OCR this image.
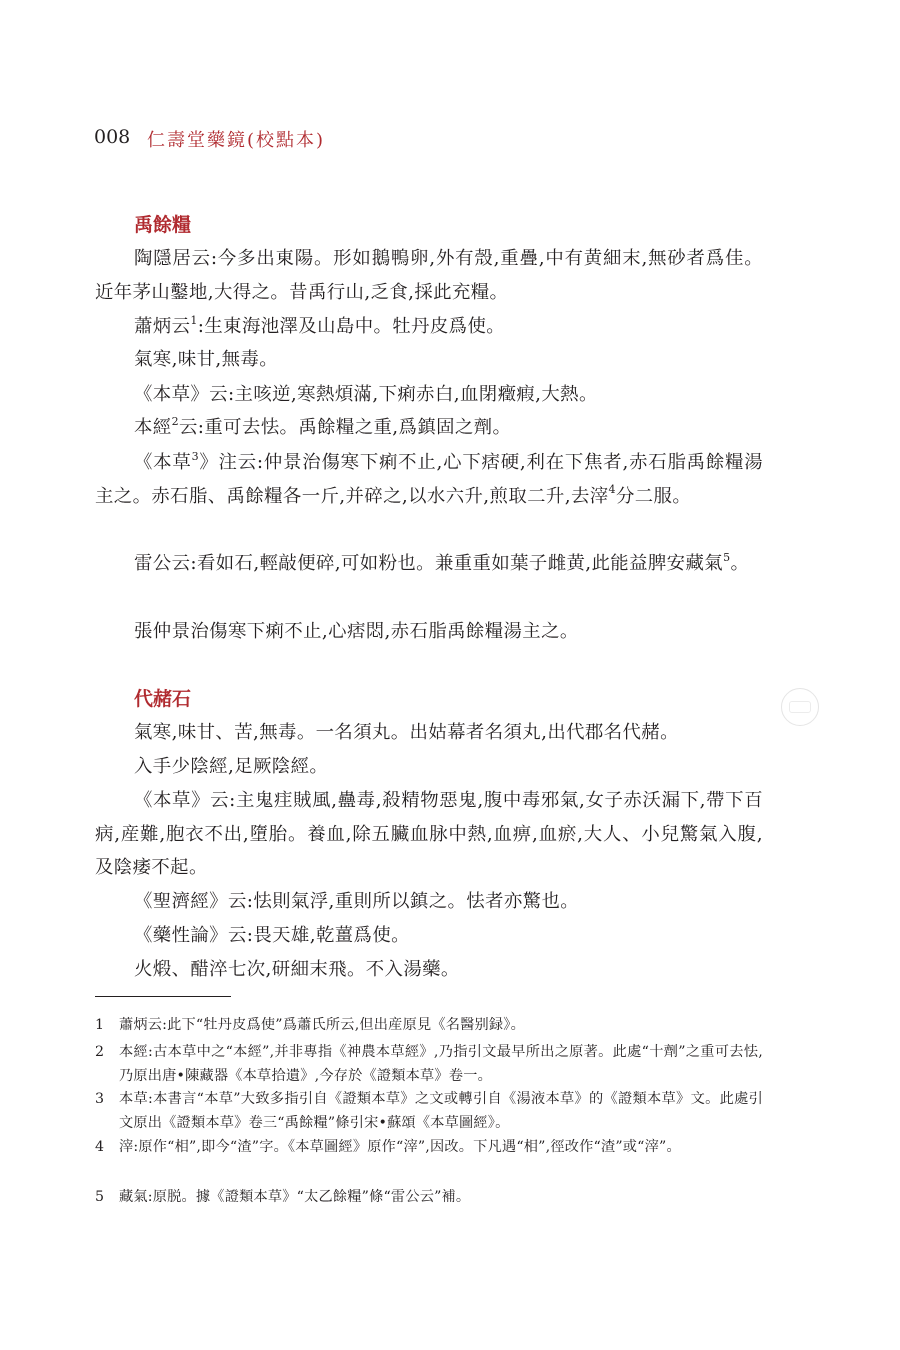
008 仁壽堂藥鏡(校點本)
禹餘糧

陶隱居云:今多出東陽。形如鵝鴨卵,外有殼,重疊,中有黄細末,無砂者爲佳。近年茅山鑿地,大得之。昔禹行山,乏食,採此充糧。

蕭炳云$^1$:生東海池澤及山島中。牡丹皮爲使。

氣寒,味甘,無毒。

《本草》云:主咳逆,寒熱煩滿,下痢赤白,血閉癥瘕,大熱。

本經$^2$云:重可去怯。禹餘糧之重,爲鎮固之劑。

《本草$^3$》注云:仲景治傷寒下痢不止,心下痞硬,利在下焦者,赤石脂禹餘糧湯主之。赤石脂、禹餘糧各一斤,并碎之,以水六升,煎取二升,去滓$^4$分二服。

雷公云:看如石,輕敲便碎,可如粉也。兼重重如葉子雌黄,此能益脾安藏氣$^5$。

張仲景治傷寒下痢不止,心痞悶,赤石脂禹餘糧湯主之。

代赭石

氣寒,味甘、苦,無毒。一名須丸。出姑幕者名須丸,出代郡名代赭。

入手少陰經,足厥陰經。

《本草》云:主鬼疰賊風,蠱毒,殺精物惡鬼,腹中毒邪氣,女子赤沃漏下,帶下百病,産難,胞衣不出,墮胎。養血,除五臟血脉中熱,血痹,血瘀,大人、小兒驚氣入腹,及陰痿不起。

《聖濟經》云:怯則氣浮,重則所以鎮之。怯者亦驚也。

《藥性論》云:畏天雄,乾薑爲使。

火煅、醋淬七次,研細末飛。不入湯藥。

1 蕭炳云:此下“牡丹皮爲使”爲蕭氏所云,但出産原見《名醫别録》。

2 本經:古本草中之“本經”,并非專指《神農本草經》,乃指引文最早所出之原著。此處“十劑”之重可去怯,乃原出唐•陳藏器《本草拾遺》,今存於《證類本草》卷一。

3 本草:本書言“本草”大致多指引自《證類本草》之文或轉引自《湯液本草》的《證類本草》文。此處引文原出《證類本草》卷三“禹餘糧”條引宋•蘇頌《本草圖經》。

4 滓:原作“相”,即今“渣”字。《本草圖經》原作“滓”,因改。下凡遇“相”,徑改作“渣”或“滓”。

5 藏氣:原脱。據《證類本草》“太乙餘糧”條“雷公云”補。
